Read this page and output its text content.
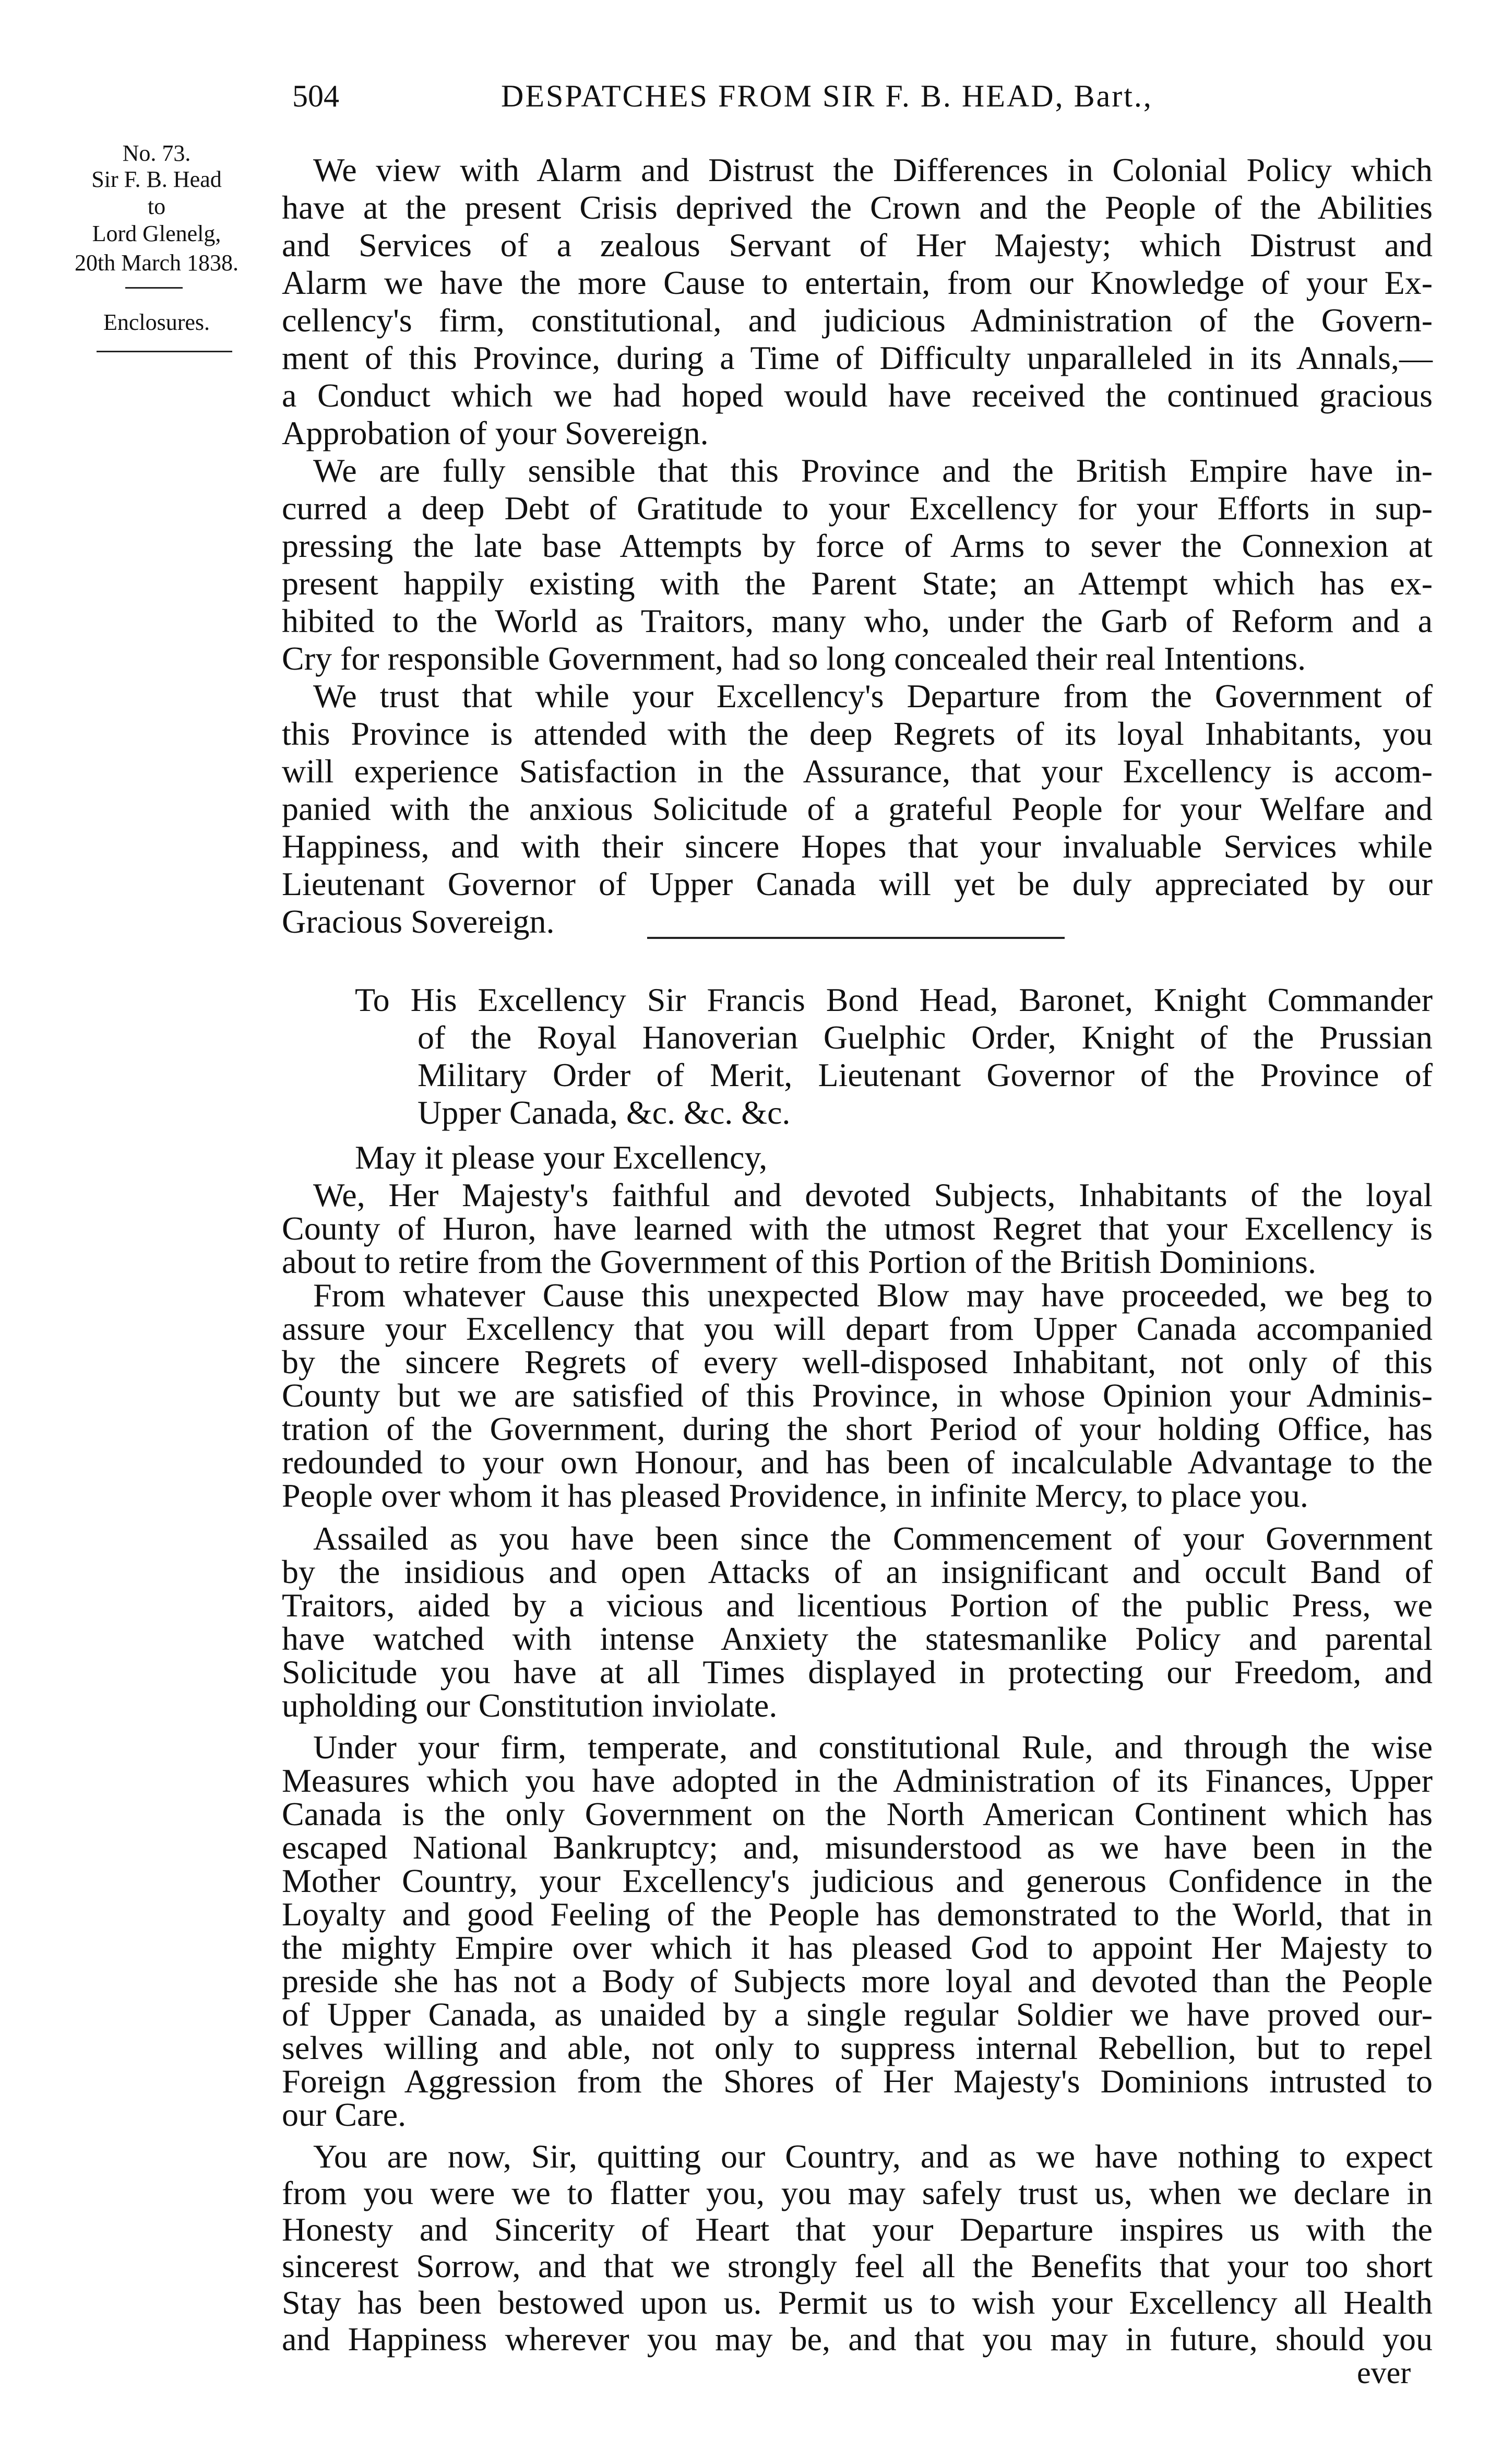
504	DESPATCHES FROM SIR F. B. HEAD, Bart.,
No. 73.
Sir F. B. Head
to
Lord Glenelg,
20th March 1838.
Enclosures.
We view with Alarm and Distrust the Differences in Colonial Policy which
have at the present Crisis deprived the Crown and the People of the Abilities
and Services of a zealous Servant of Her Majesty; which Distrust and
Alarm we have the more Cause to entertain, from our Knowledge of your Ex-
cellency's firm, constitutional, and judicious Administration of the Govern-
ment of this Province, during a Time of Difficulty unparalleled in its Annals,—
a Conduct which we had hoped would have received the continued gracious
Approbation of your Sovereign.
We are fully sensible that this Province and the British Empire have in-
curred a deep Debt of Gratitude to your Excellency for your Efforts in sup-
pressing the late base Attempts by force of Arms to sever the Connexion at
present happily existing with the Parent State; an Attempt which has ex-
hibited to the World as Traitors, many who, under the Garb of Reform and a
Cry for responsible Government, had so long concealed their real Intentions.
We trust that while your Excellency's Departure from the Government of
this Province is attended with the deep Regrets of its loyal Inhabitants, you
will experience Satisfaction in the Assurance, that your Excellency is accom-
panied with the anxious Solicitude of a grateful People for your Welfare and
Happiness, and with their sincere Hopes that your invaluable Services while
Lieutenant Governor of Upper Canada will yet be duly appreciated by our
Gracious Sovereign.
To His Excellency Sir Francis Bond Head, Baronet, Knight Commander
of the Royal Hanoverian Guelphic Order, Knight of the Prussian
Military Order of Merit, Lieutenant Governor of the Province of
Upper Canada, &c. &c. &c.
May it please your Excellency,
We, Her Majesty's faithful and devoted Subjects, Inhabitants of the loyal
County of Huron, have learned with the utmost Regret that your Excellency is
about to retire from the Government of this Portion of the British Dominions.
From whatever Cause this unexpected Blow may have proceeded, we beg to
assure your Excellency that you will depart from Upper Canada accompanied
by the sincere Regrets of every well-disposed Inhabitant, not only of this
County but we are satisfied of this Province, in whose Opinion your Adminis-
tration of the Government, during the short Period of your holding Office, has
redounded to your own Honour, and has been of incalculable Advantage to the
People over whom it has pleased Providence, in infinite Mercy, to place you.
Assailed as you have been since the Commencement of your Government
by the insidious and open Attacks of an insignificant and occult Band of
Traitors, aided by a vicious and licentious Portion of the public Press, we
have watched with intense Anxiety the statesmanlike Policy and parental
Solicitude you have at all Times displayed in protecting our Freedom, and
upholding our Constitution inviolate.
Under your firm, temperate, and constitutional Rule, and through the wise
Measures which you have adopted in the Administration of its Finances, Upper
Canada is the only Government on the North American Continent which has
escaped National Bankruptcy; and, misunderstood as we have been in the
Mother Country, your Excellency's judicious and generous Confidence in the
Loyalty and good Feeling of the People has demonstrated to the World, that in
the mighty Empire over which it has pleased God to appoint Her Majesty to
preside she has not a Body of Subjects more loyal and devoted than the People
of Upper Canada, as unaided by a single regular Soldier we have proved our-
selves willing and able, not only to suppress internal Rebellion, but to repel
Foreign Aggression from the Shores of Her Majesty's Dominions intrusted to
our Care.
You are now, Sir, quitting our Country, and as we have nothing to expect
from you were we to flatter you, you may safely trust us, when we declare in
Honesty and Sincerity of Heart that your Departure inspires us with the
sincerest Sorrow, and that we strongly feel all the Benefits that your too short
Stay has been bestowed upon us. Permit us to wish your Excellency all Health
and Happiness wherever you may be, and that you may in future, should you
ever
